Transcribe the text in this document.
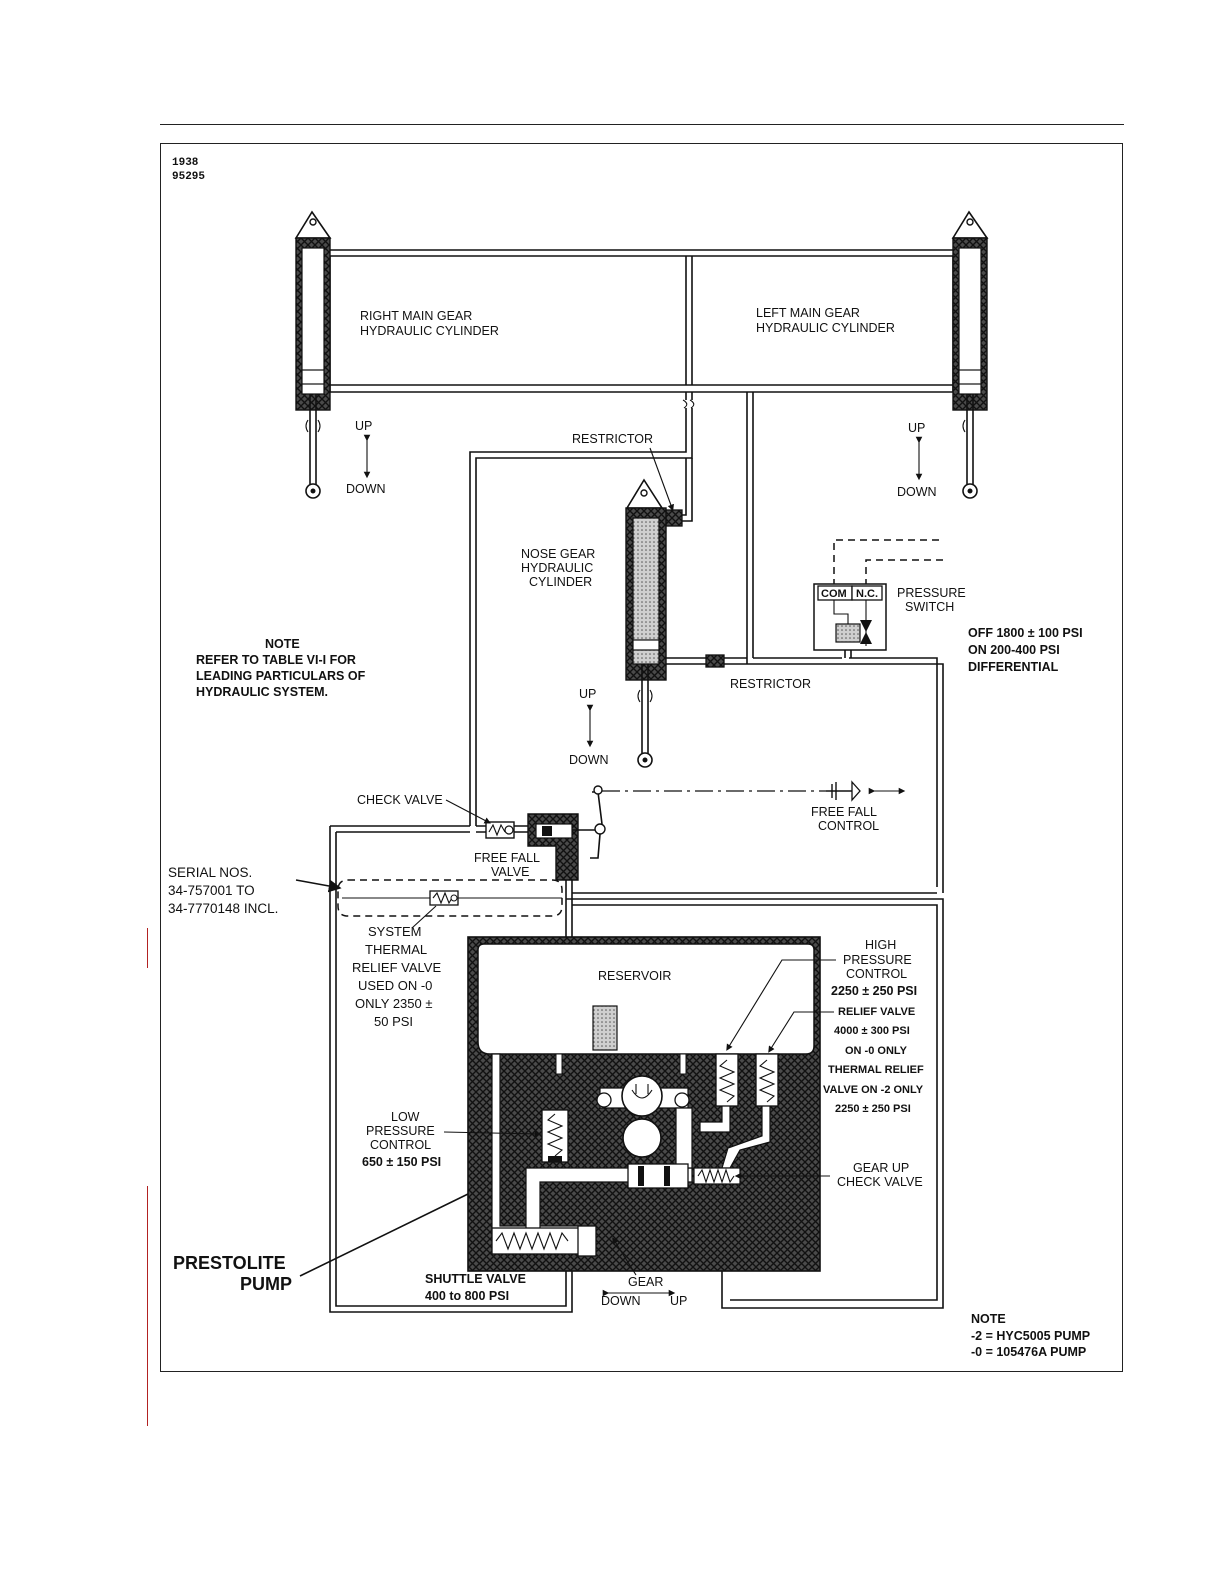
1938
95295
RIGHT MAIN GEAR
HYDRAULIC CYLINDER
UP
DOWN
LEFT MAIN GEAR
HYDRAULIC CYLINDER
UP
DOWN
RESTRICTOR
RESTRICTOR
NOSE GEAR
HYDRAULIC
CYLINDER
UP
DOWN
COM N.C. PRESSURE
SWITCH
OFF 1800 ± 100 PSI
ON 200-400 PSI
DIFFERENTIAL
NOTE
REFER TO TABLE VI-I FOR
LEADING PARTICULARS OF
HYDRAULIC SYSTEM.
CHECK VALVE
FREE FALL
VALVE
FREE FALL
CONTROL
SERIAL NOS.
34-757001 TO
34-7770148 INCL.
SYSTEM
THERMAL
RELIEF VALVE
USED ON -0
ONLY 2350 ±
50 PSI
RESERVOIR
HIGH
PRESSURE
CONTROL
2250 ± 250 PSI
RELIEF VALVE
4000 ± 300 PSI
ON -0 ONLY
THERMAL RELIEF
VALVE ON -2 ONLY
2250 ± 250 PSI
LOW
PRESSURE
CONTROL
650 ± 150 PSI	GEAR UP
CHECK VALVE
SHUTTLE VALVE
400 to 800 PSI
GEAR
DOWN UP
PRESTOLITE
PUMP
NOTE
-2 = HYC5005 PUMP
-0 = 105476A PUMP
